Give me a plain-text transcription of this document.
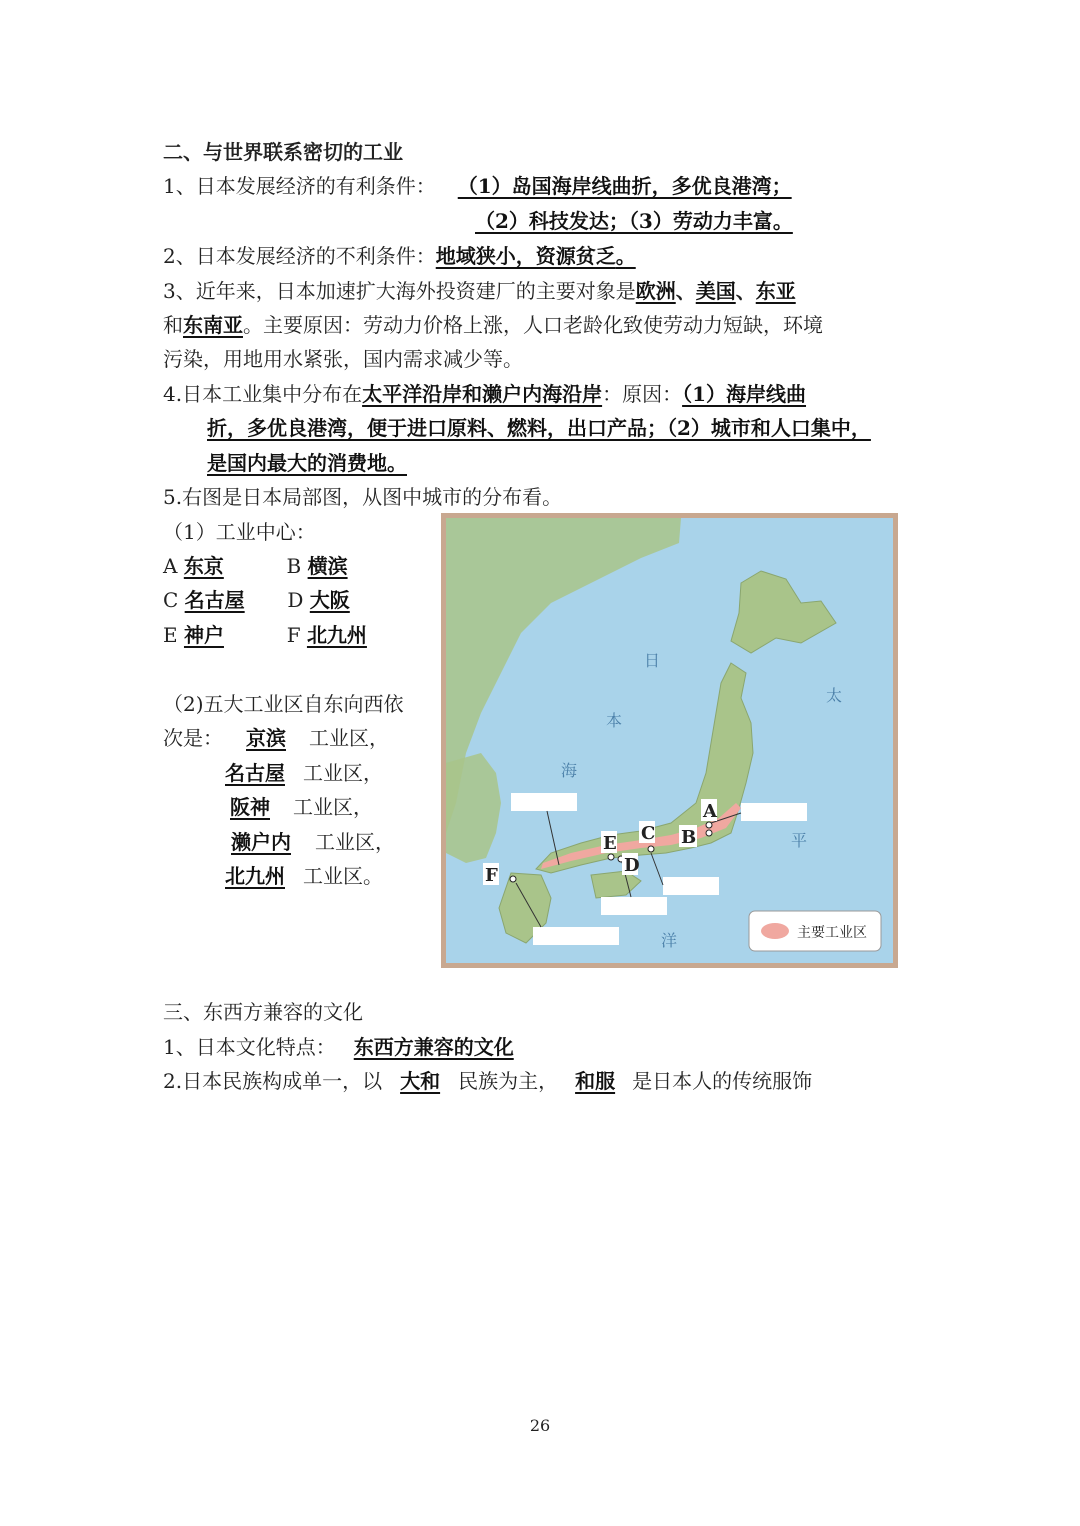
二、与世界联系密切的工业
1、日本发展经济的有利条件： （1）岛国海岸线曲折，多优良港湾；
（2）科技发达；（3）劳动力丰富。
2、日本发展经济的不利条件：地域狭小，资源贫乏。
3、近年来，日本加速扩大海外投资建厂的主要对象是欧洲、美国、东亚
和东南亚。主要原因：劳动力价格上涨，人口老龄化致使劳动力短缺，环境
污染，用地用水紧张，国内需求减少等。
4.日本工业集中分布在太平洋沿岸和濑户内海沿岸：原因：（1）海岸线曲
折，多优良港湾，便于进口原料、燃料，出口产品；（2）城市和人口集中，
是国内最大的消费地。
5.右图是日本局部图，从图中城市的分布看。
（1）工业中心：
A 东京	B 横滨
C 名古屋 D 大阪
E 神户	F 北九州
（2)五大工业区自东向西依
次是： 京滨 工业区，
名古屋 工业区，
阪神 工业区，
濑户内 工业区，
北九州 工业区。
日
本
海
太
平
洋
A
B
C
D
E
F
主要工业区
三、东西方兼容的文化
1、日本文化特点： 东西方兼容的文化
2.日本民族构成单一，以 大和 民族为主， 和服 是日本人的传统服饰
26
